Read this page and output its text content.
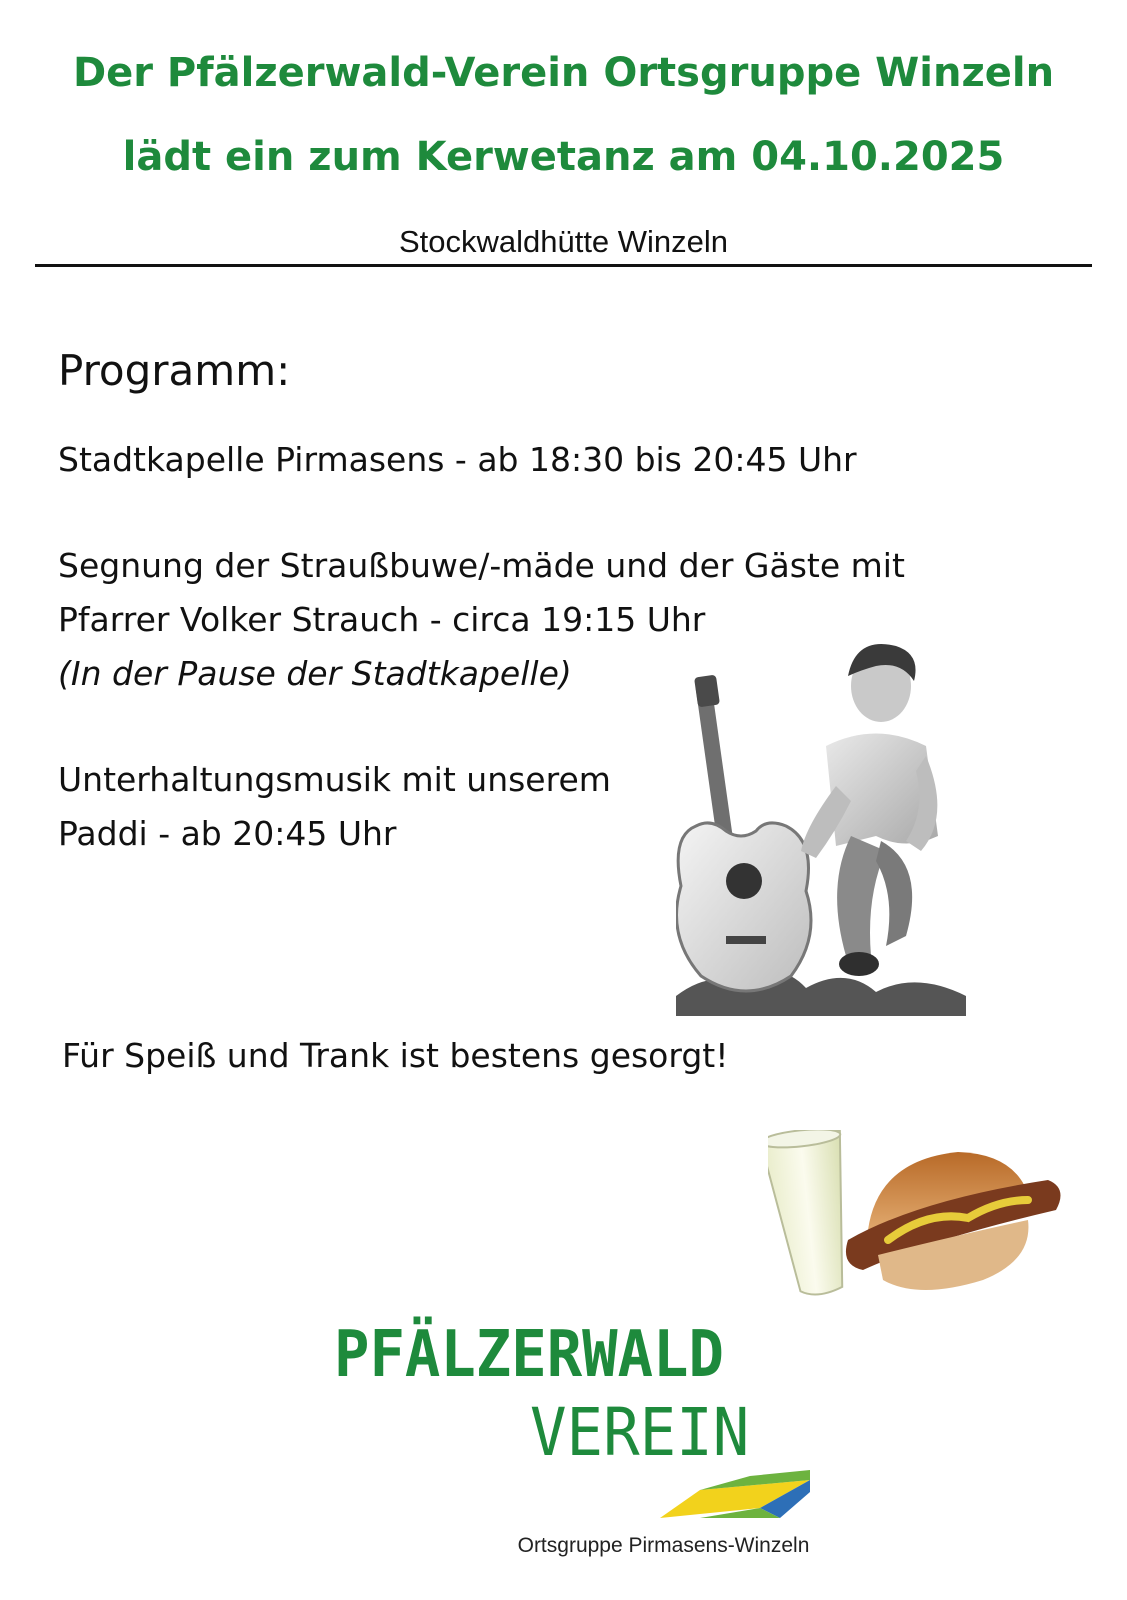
Der Pfälzerwald-Verein Ortsgruppe Winzeln
lädt ein zum Kerwetanz am 04.10.2025
Stockwaldhütte Winzeln
Programm:
Stadtkapelle Pirmasens - ab 18:30 bis 20:45 Uhr
Segnung der Straußbuwe/-mäde und der Gäste mit
Pfarrer Volker Strauch - circa 19:15 Uhr
(In der Pause der Stadtkapelle)
Unterhaltungsmusik mit unserem
Paddi - ab 20:45 Uhr
Für Speiß und Trank ist bestens gesorgt!
PFÄLZERWALD
VEREIN
Ortsgruppe Pirmasens-Winzeln
